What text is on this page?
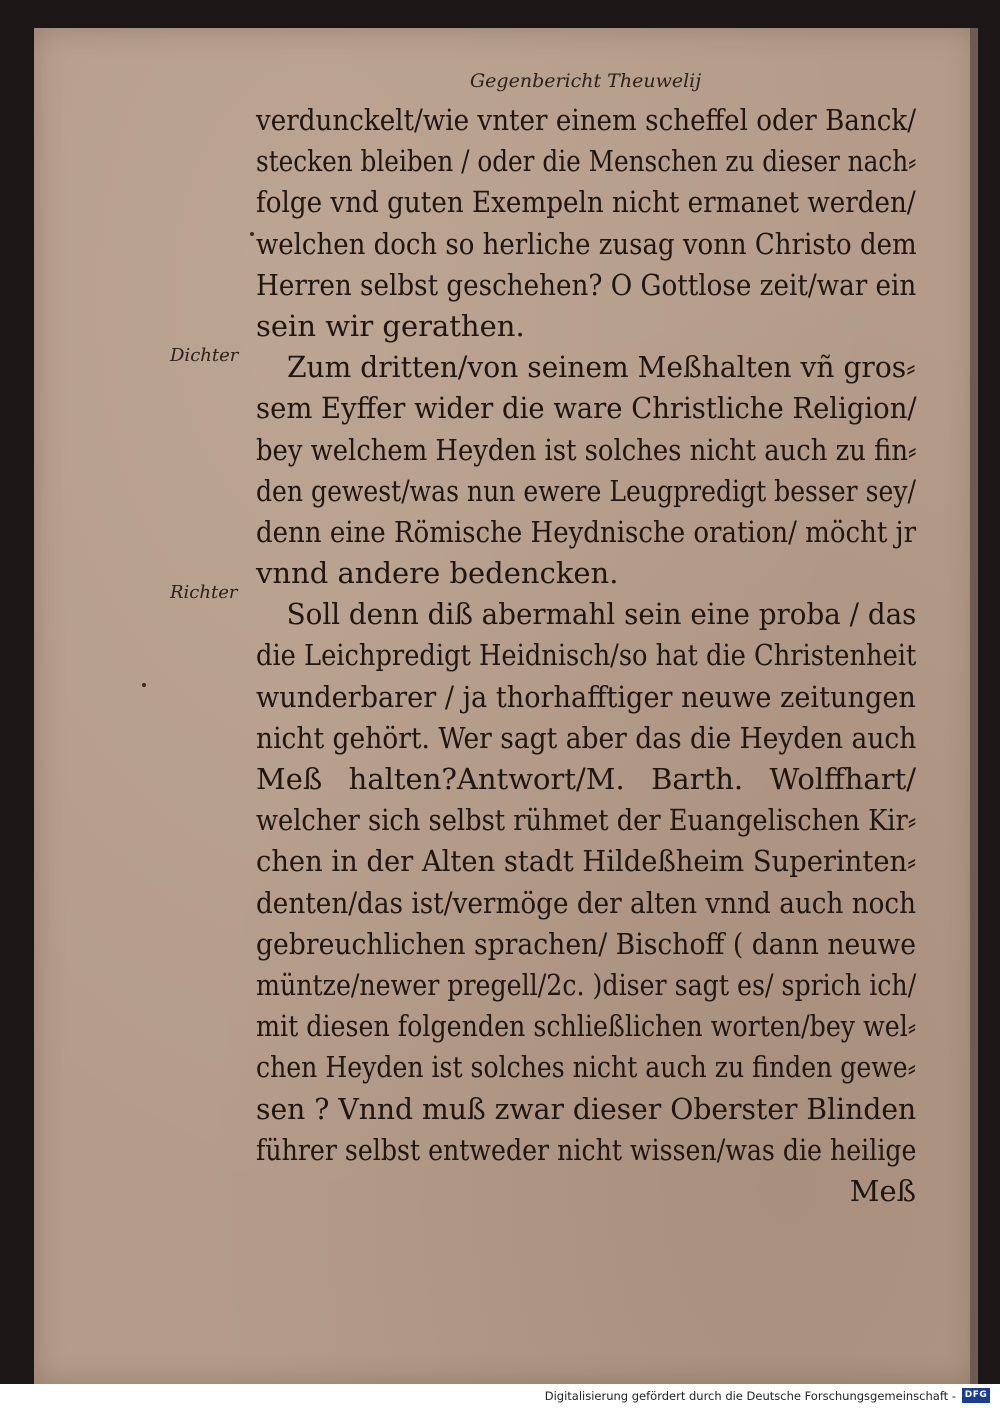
Gegenbericht Theuwelij
Dichter
Richter
verdunckelt/wie vnter einem scheffel oder Banck/
stecken bleiben / oder die Menschen zu dieser nach⸗
folge vnd guten Exempeln nicht ermanet werden/
welchen doch so herliche zusag vonn Christo dem
Herren selbst geschehen? O Gottlose zeit/war ein
sein wir gerathen.
Zum dritten/von seinem Meßhalten vñ gros⸗
sem Eyffer wider die ware Christliche Religion/
bey welchem Heyden ist solches nicht auch zu fin⸗
den gewest/was nun ewere Leugpredigt besser sey/
denn eine Römische Heydnische oration/ möcht jr
vnnd andere bedencken.
Soll denn diß abermahl sein eine proba / das
die Leichpredigt Heidnisch/so hat die Christenheit
wunderbarer / ja thorhafftiger neuwe zeitungen
nicht gehört. Wer sagt aber das die Heyden auch
Meß halten?Antwort/M. Barth. Wolffhart/
welcher sich selbst rühmet der Euangelischen Kir⸗
chen in der Alten stadt Hildeßheim Superinten⸗
denten/das ist/vermöge der alten vnnd auch noch
gebreuchlichen sprachen/ Bischoff ( dann neuwe
müntze/newer pregell/2c. )diser sagt es/ sprich ich/
mit diesen folgenden schließlichen worten/bey wel⸗
chen Heyden ist solches nicht auch zu finden gewe⸗
sen ? Vnnd muß zwar dieser Oberster Blinden
führer selbst entweder nicht wissen/was die heilige
Meß
Digitalisierung gefördert durch die Deutsche Forschungsgemeinschaft - DFG
